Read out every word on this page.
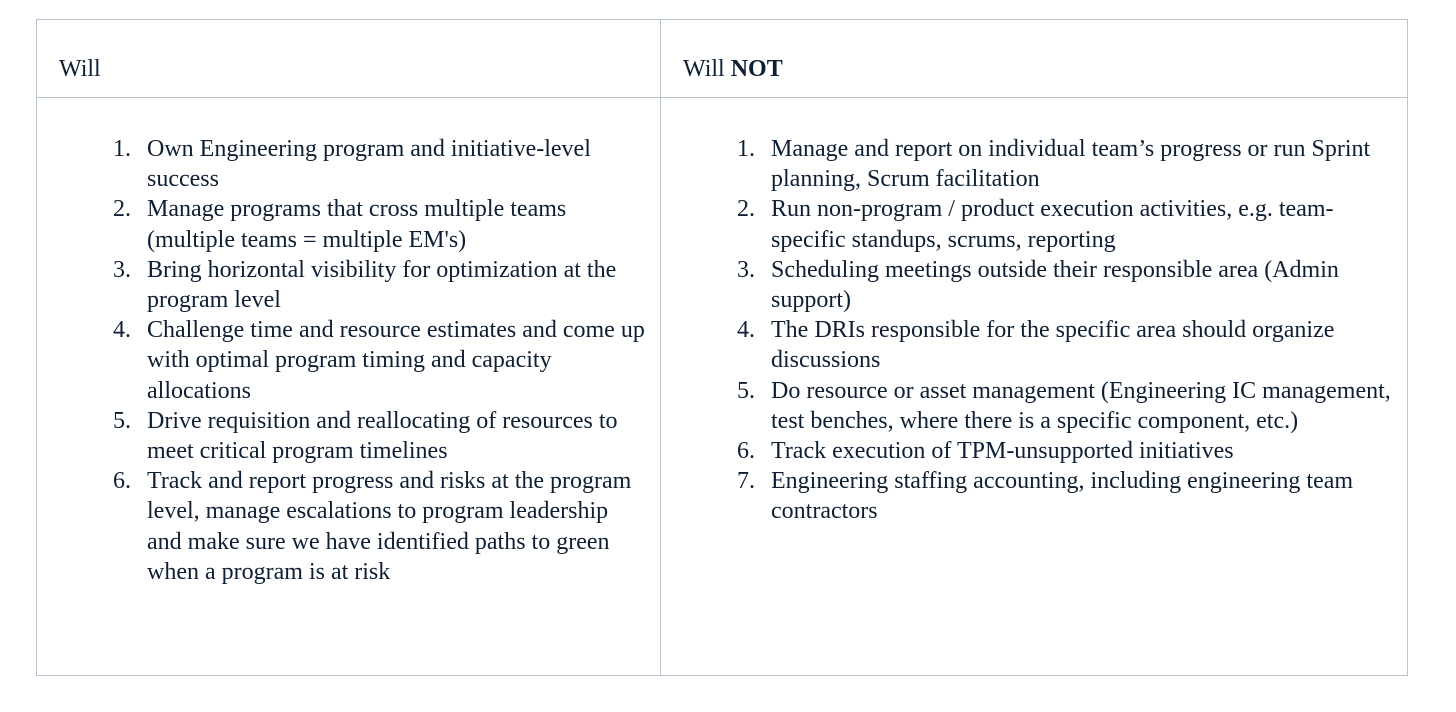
Will	Will NOT
1. Own Engineering program and initiative-level success
2. Manage programs that cross multiple teams (multiple teams = multiple EM's)
3. Bring horizontal visibility for optimization at the program level
4. Challenge time and resource estimates and come up with optimal program timing and capacity allocations
5. Drive requisition and reallocating of resources to meet critical program timelines
6. Track and report progress and risks at the program level, manage escalations to program leadership and make sure we have identified paths to green when a program is at risk
1. Manage and report on individual team’s progress or run Sprint planning, Scrum facilitation
2. Run non-program / product execution activities, e.g. team-specific standups, scrums, reporting
3. Scheduling meetings outside their responsible area (Admin support)
4. The DRIs responsible for the specific area should organize discussions
5. Do resource or asset management (Engineering IC management, test benches, where there is a specific component, etc.)
6. Track execution of TPM-unsupported initiatives
7. Engineering staffing accounting, including engineering team contractors
